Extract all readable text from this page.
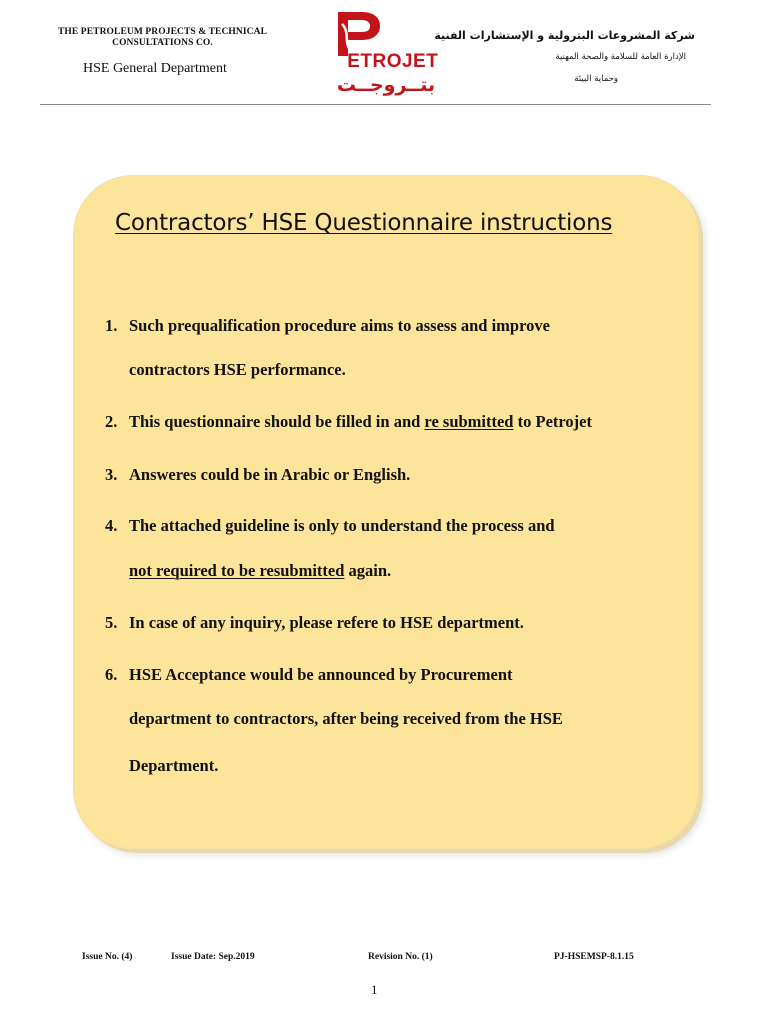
THE PETROLEUM PROJECTS & TECHNICAL
CONSULTATIONS CO.
HSE General Department	ETROJET
بتــروجــت
شركة المشروعات البترولية و الإستشارات الفنية
الإدارة العامة للسلامة والصحة المهنية
وحماية البيئة
Contractors’ HSE Questionnaire instructions
1. Such prequalification procedure aims to assess and improve
contractors HSE performance.
2. This questionnaire should be filled in and re submitted to Petrojet
3. Answeres could be in Arabic or English.
4. The attached guideline is only to understand the process and
not required to be resubmitted again.
5. In case of any inquiry, please refere to HSE department.
6. HSE Acceptance would be announced by Procurement
department to contractors, after being received from the HSE
Department.
Issue No. (4)	Issue Date: Sep.2019	Revision No. (1)	PJ-HSEMSP-8.1.15
1
